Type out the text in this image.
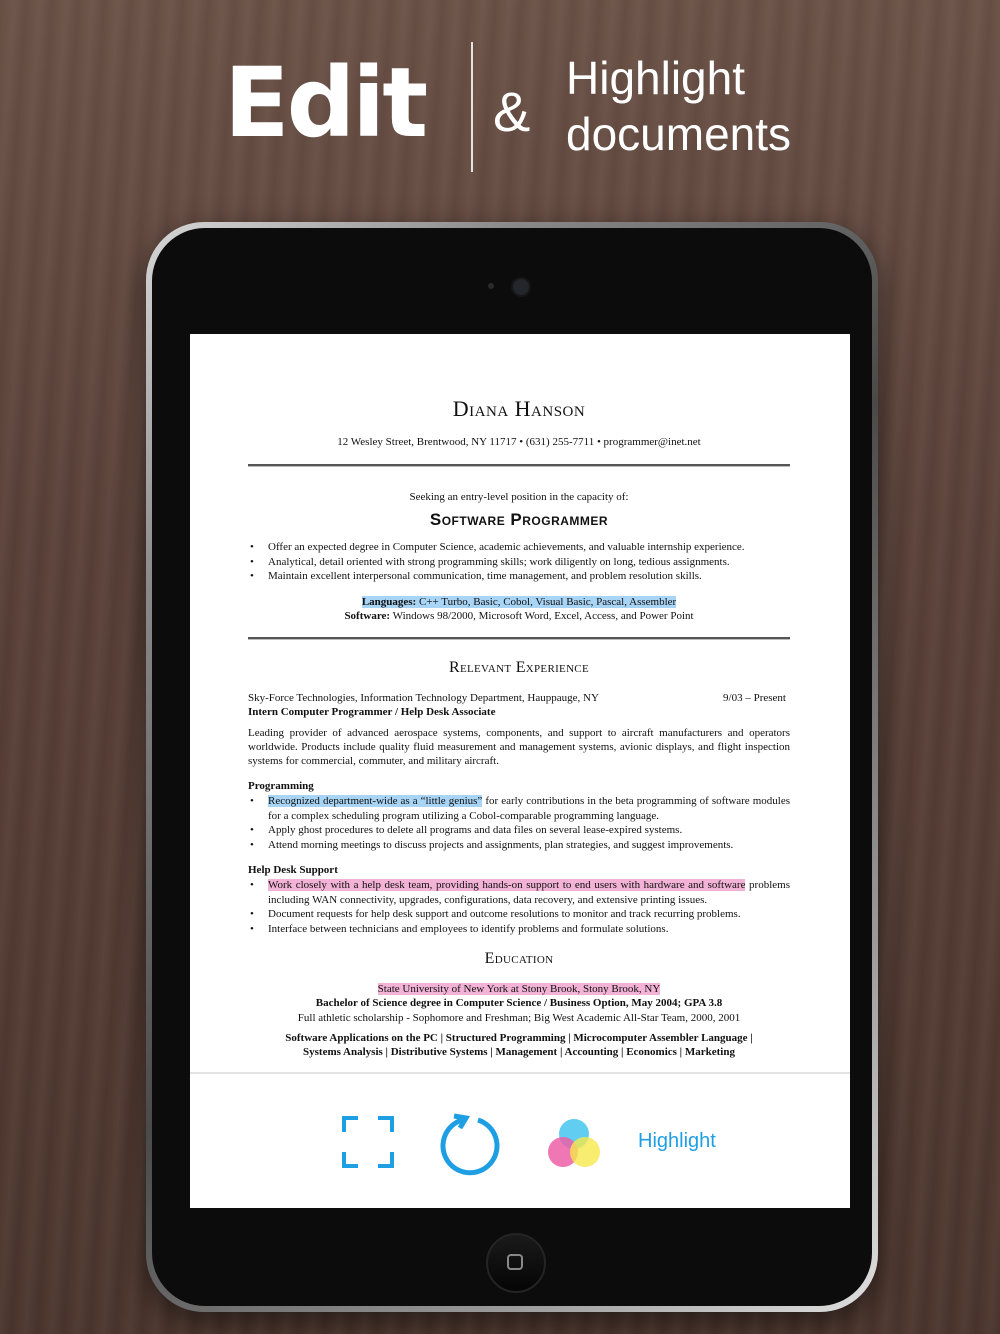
Edit &
Highlight
documents
Diana Hanson
12 Wesley Street, Brentwood, NY 11717 • (631) 255-7711 • programmer@inet.net
Seeking an entry-level position in the capacity of:
Software Programmer
• Offer an expected degree in Computer Science, academic achievements, and valuable internship experience.
• Analytical, detail oriented with strong programming skills; work diligently on long, tedious assignments.
• Maintain excellent interpersonal communication, time management, and problem resolution skills.
Languages: C++ Turbo, Basic, Cobol, Visual Basic, Pascal, Assembler
Software: Windows 98/2000, Microsoft Word, Excel, Access, and Power Point
Relevant Experience
Sky-Force Technologies, Information Technology Department, Hauppauge, NY	9/03 – Present
Intern Computer Programmer / Help Desk Associate
Leading provider of advanced aerospace systems, components, and support to aircraft manufacturers and operators worldwide. Products include quality fluid measurement and management systems, avionic displays, and flight inspection systems for commercial, commuter, and military aircraft.
Programming
• Recognized department-wide as a “little genius” for early contributions in the beta programming of software modules for a complex scheduling program utilizing a Cobol-comparable programming language.
• Apply ghost procedures to delete all programs and data files on several lease-expired systems.
• Attend morning meetings to discuss projects and assignments, plan strategies, and suggest improvements.
Help Desk Support
• Work closely with a help desk team, providing hands-on support to end users with hardware and software problems including WAN connectivity, upgrades, configurations, data recovery, and extensive printing issues.
• Document requests for help desk support and outcome resolutions to monitor and track recurring problems.
• Interface between technicians and employees to identify problems and formulate solutions.
Education
State University of New York at Stony Brook, Stony Brook, NY
Bachelor of Science degree in Computer Science / Business Option, May 2004; GPA 3.8
Full athletic scholarship - Sophomore and Freshman; Big West Academic All-Star Team, 2000, 2001
Software Applications on the PC | Structured Programming | Microcomputer Assembler Language |
Systems Analysis | Distributive Systems | Management | Accounting | Economics | Marketing
Highlight
